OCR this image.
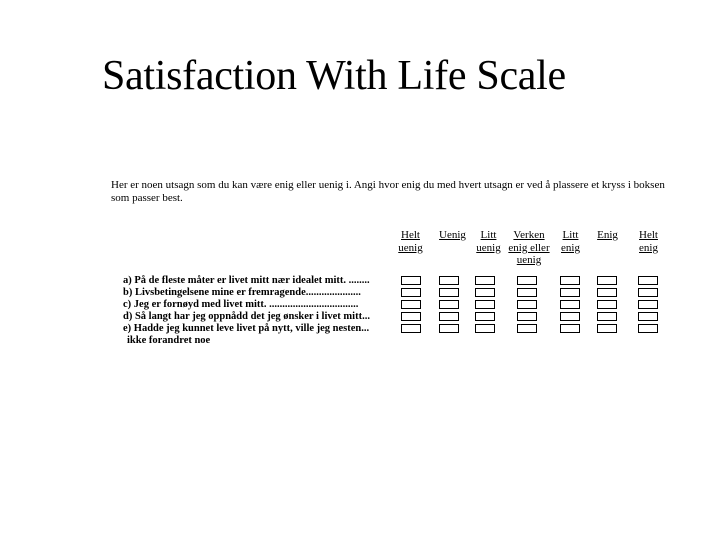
Satisfaction With Life Scale
Her er noen utsagn som du kan være enig eller uenig i. Angi hvor enig du med hvert utsagn er ved å plassere et kryss i boksen som passer best.
Helt
uenig
Uenig	Litt
uenig
Verken
enig eller
uenig
Litt
enig
Enig	Helt
enig
a) På de fleste måter er livet mitt nær idealet mitt. ........
b) Livsbetingelsene mine er fremragende.....................
c) Jeg er fornøyd med livet mitt. ..................................
d) Så langt har jeg oppnådd det jeg ønsker i livet mitt...
e) Hadde jeg kunnet leve livet på nytt, ville jeg nesten...
ikke forandret noe
